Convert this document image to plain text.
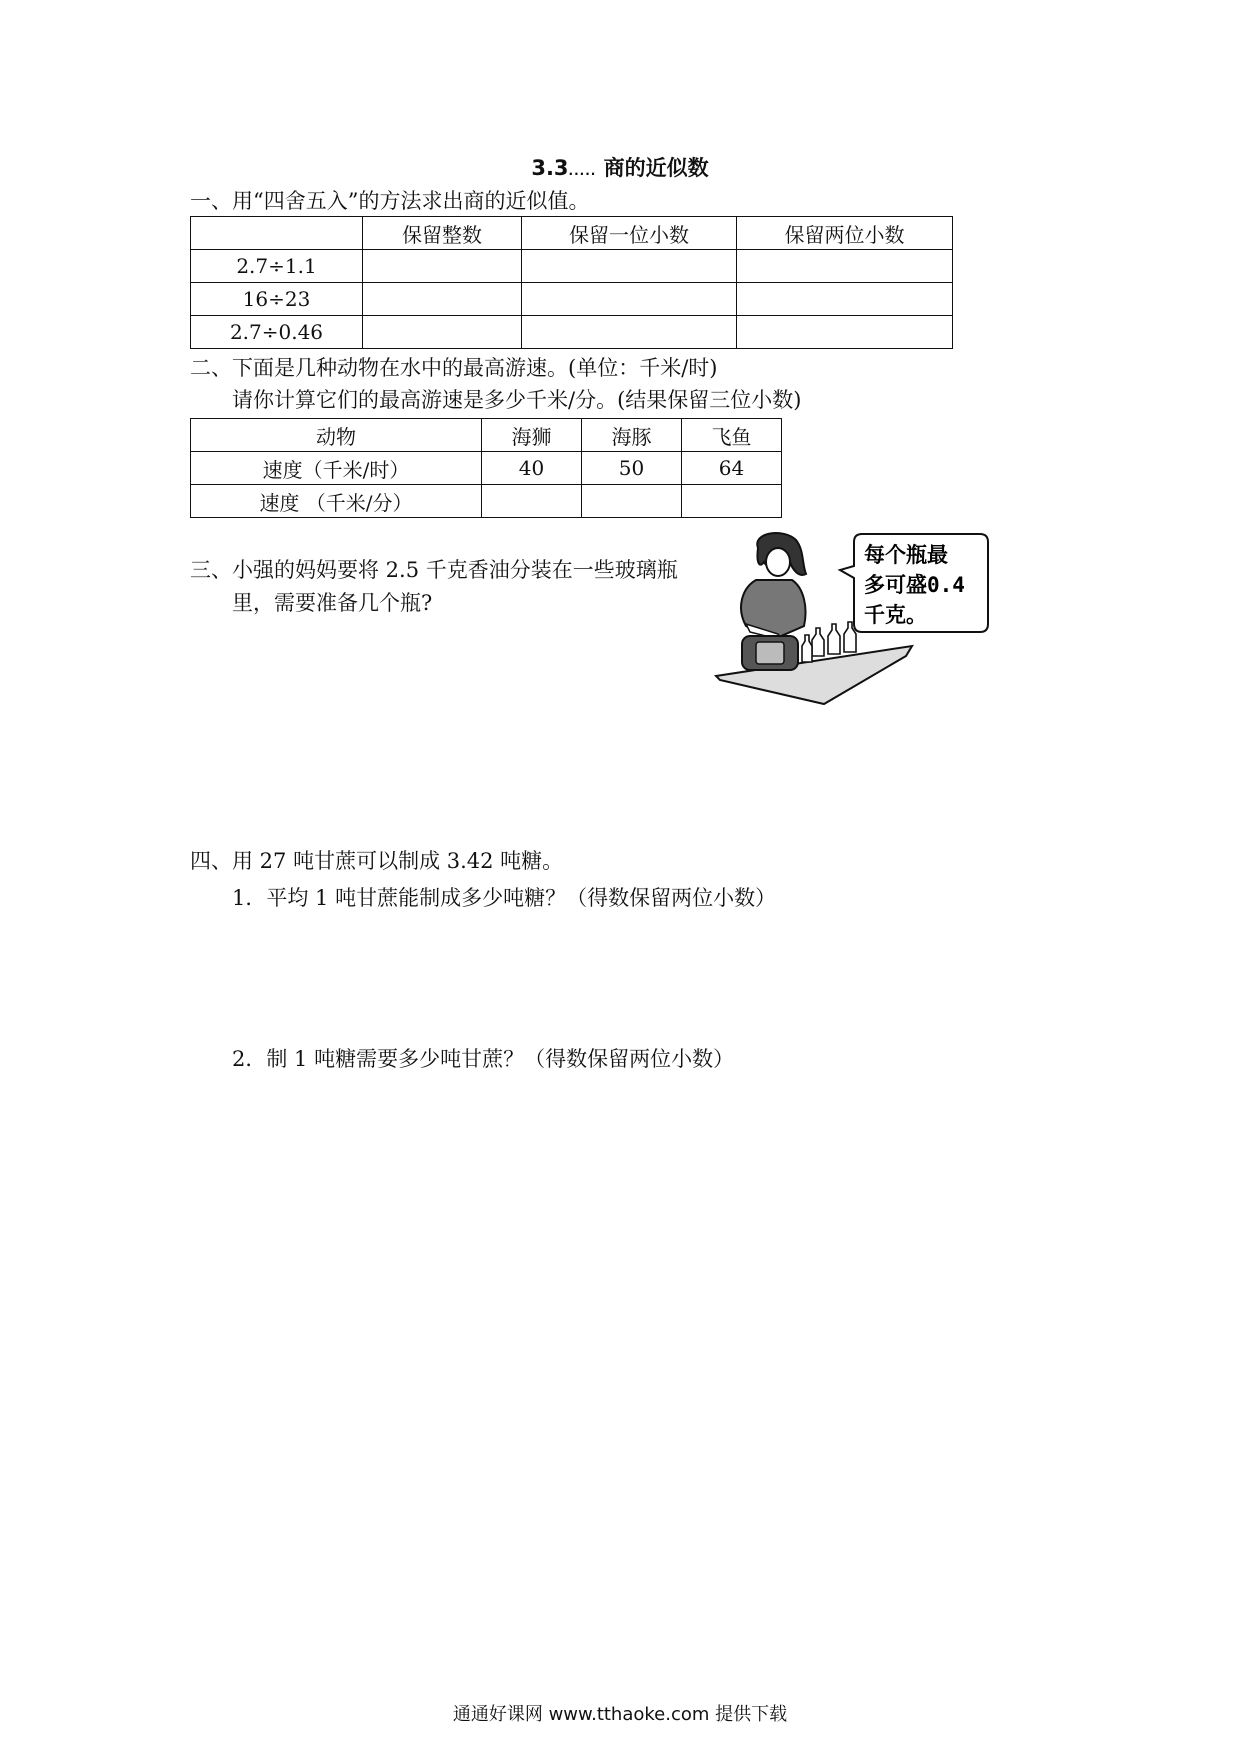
3.3..... 商的近似数
一、用“四舍五入”的方法求出商的近似值。
	保留整数	保留一位小数	保留两位小数
2.7÷1.1			
16÷23			
2.7÷0.46			
二、下面是几种动物在水中的最高游速。(单位：千米/时)
请你计算它们的最高游速是多少千米/分。(结果保留三位小数)
动物	海狮	海豚	飞鱼
速度（千米/时）	40	50	64
速度 （千米/分）			
三、小强的妈妈要将 2.5 千克香油分装在一些玻璃瓶
里，需要准备几个瓶?
每个瓶最
多可盛0.4
千克。
四、用 27 吨甘蔗可以制成 3.42 吨糖。
1．平均 1 吨甘蔗能制成多少吨糖？（得数保留两位小数）
2．制 1 吨糖需要多少吨甘蔗？（得数保留两位小数）
通通好课网 www.tthaoke.com 提供下载
